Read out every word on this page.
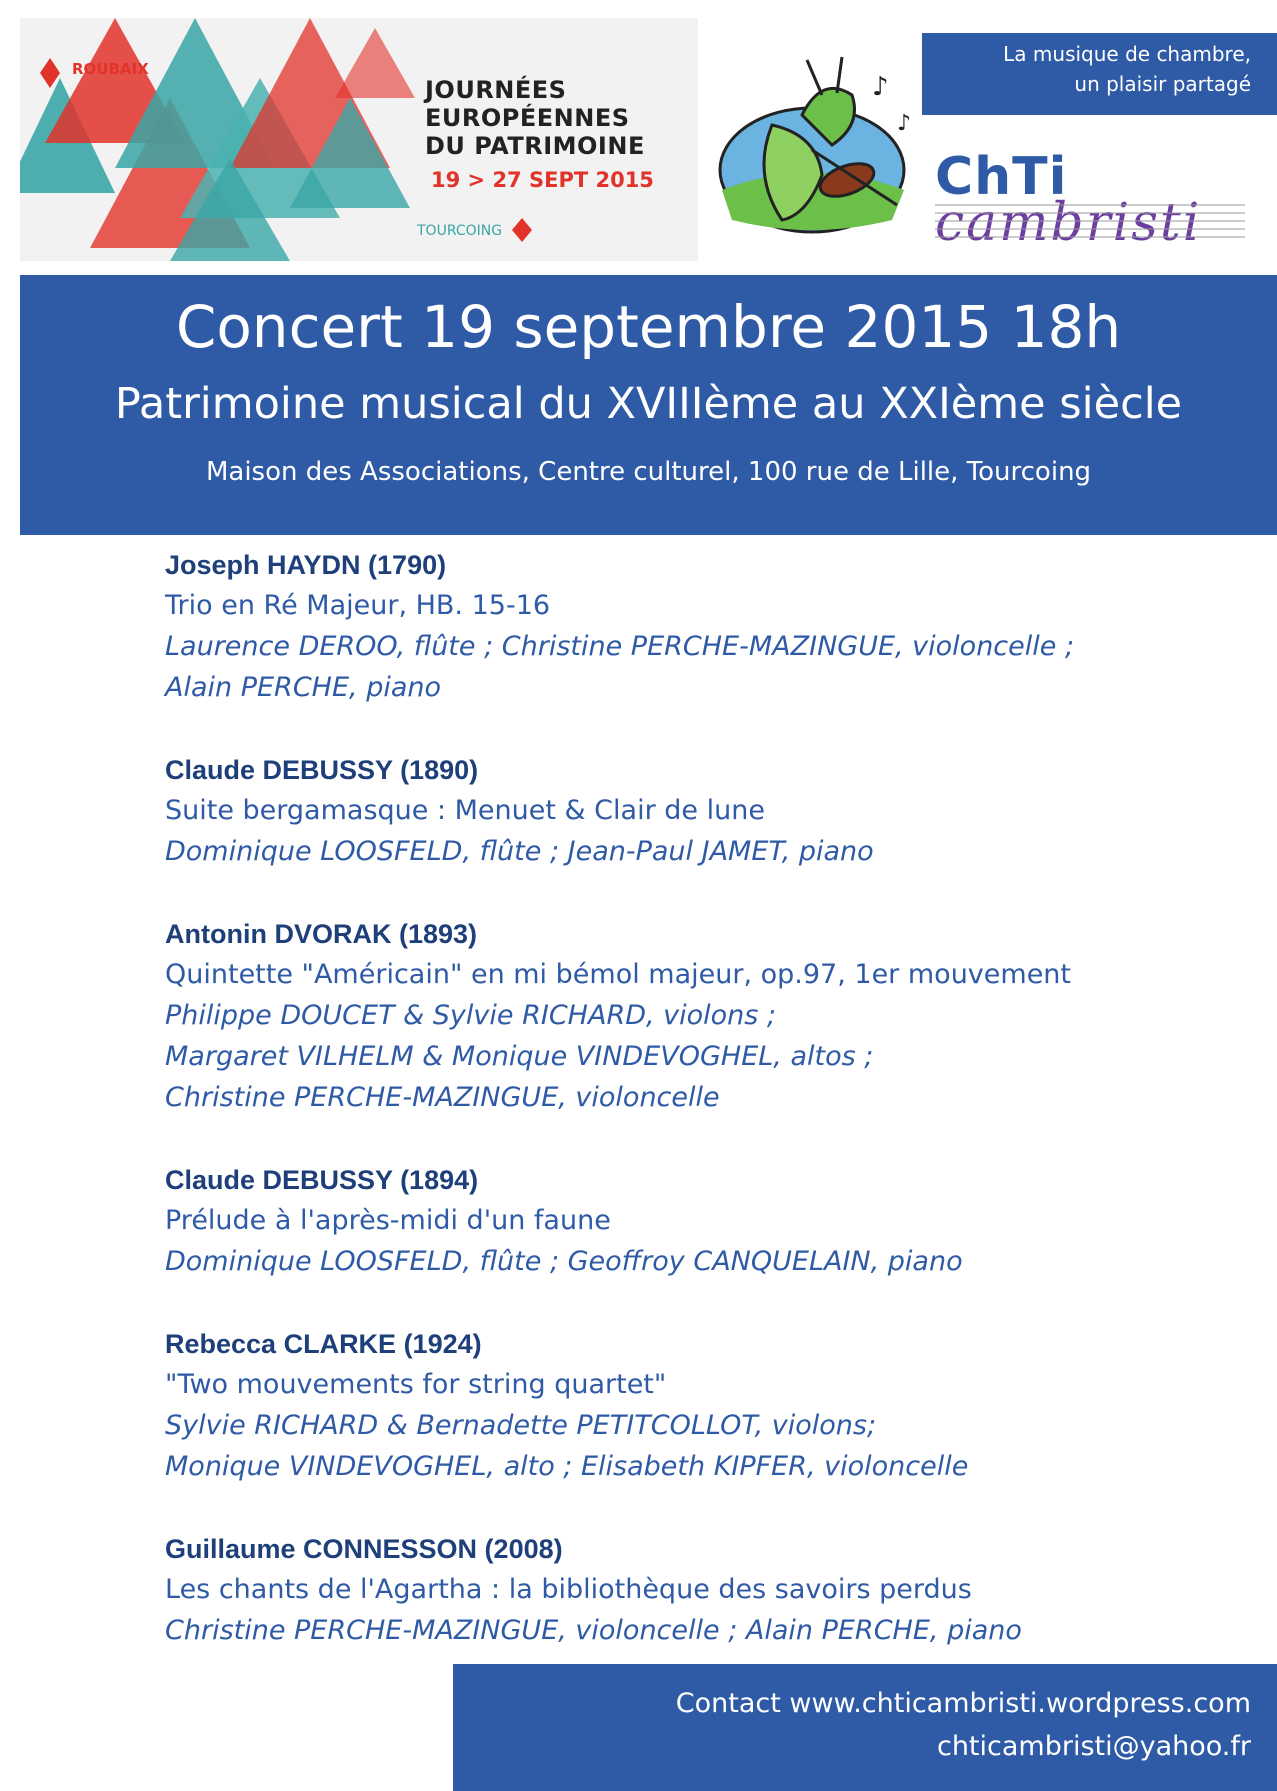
ROUBAIX
JOURNÉES
EUROPÉENNES
DU PATRIMOINE
19 > 27 SEPT 2015
TOURCOING
♪
♪
La musique de chambre,
un plaisir partagé
ChTi
cambristi
Concert 19 septembre 2015 18h
Patrimoine musical du XVIIIème au XXIème siècle
Maison des Associations, Centre culturel, 100 rue de Lille, Tourcoing
Joseph HAYDN (1790)
Trio en Ré Majeur, HB. 15-16
Laurence DEROO, flûte ; Christine PERCHE-MAZINGUE, violoncelle ;
Alain PERCHE, piano
Claude DEBUSSY (1890)
Suite bergamasque : Menuet & Clair de lune
Dominique LOOSFELD, flûte ; Jean-Paul JAMET, piano
Antonin DVORAK (1893)
Quintette "Américain" en mi bémol majeur, op.97, 1er mouvement
Philippe DOUCET & Sylvie RICHARD, violons ;
Margaret VILHELM & Monique VINDEVOGHEL, altos ;
Christine PERCHE-MAZINGUE, violoncelle
Claude DEBUSSY (1894)
Prélude à l'après-midi d'un faune
Dominique LOOSFELD, flûte ; Geoffroy CANQUELAIN, piano
Rebecca CLARKE (1924)
"Two mouvements for string quartet"
Sylvie RICHARD & Bernadette PETITCOLLOT, violons;
Monique VINDEVOGHEL, alto ; Elisabeth KIPFER, violoncelle
Guillaume CONNESSON (2008)
Les chants de l'Agartha : la bibliothèque des savoirs perdus
Christine PERCHE-MAZINGUE, violoncelle ; Alain PERCHE, piano
Contact www.chticambristi.wordpress.com
chticambristi@yahoo.fr
